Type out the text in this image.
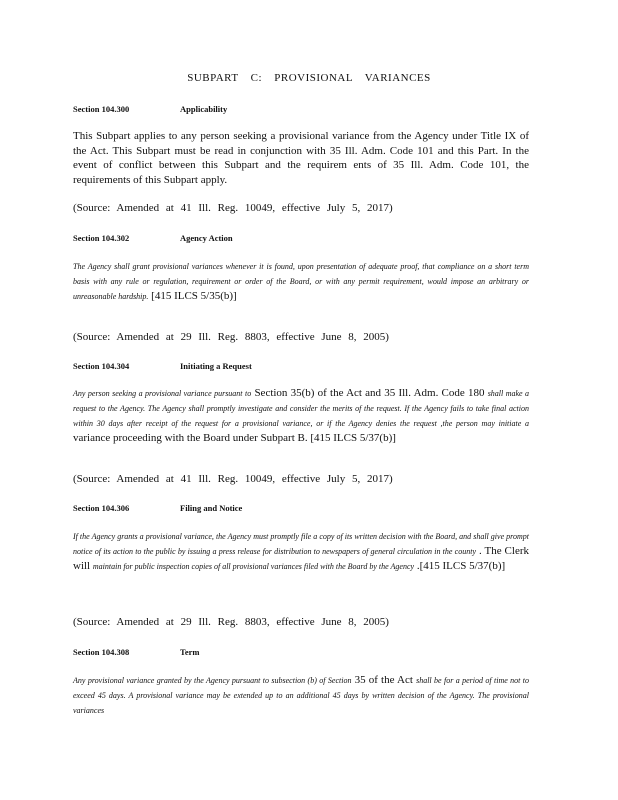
SUBPART C: PROVISIONAL VARIANCES
Section 104.300	Applicability
This Subpart applies to any person seeking a provisional variance from the Agency under Title IX of the Act. This Subpart must be read in conjunction with 35 Ill. Adm. Code 101 and this Part. In the event of conflict between this Subpart and the requirem ents of 35 Ill. Adm. Code 101, the requirements of this Subpart apply.
(Source: Amended at 41 Ill. Reg. 10049, effective July 5, 2017)
Section 104.302	Agency Action
The Agency shall grant provisional variances whenever it is found, upon presentation of adequate proof, that compliance on a short term basis with any rule or regulation, requirement or order of the Board, or with any permit requirement, would impose an arbitrary or unreasonable hardship. [415 ILCS 5/35(b)]
(Source: Amended at 29 Ill. Reg. 8803, effective June 8, 2005)
Section 104.304	Initiating a Request
Any person seeking a provisional variance pursuant to Section 35(b) of the Act and 35 Ill. Adm. Code 180 shall make a request to the Agency. The Agency shall promptly investigate and consider the merits of the request. If the Agency fails to take final action within 30 days after receipt of the request for a provisional variance, or if the Agency denies the request ,the person may initiate a variance proceeding with the Board under Subpart B. [415 ILCS 5/37(b)]
(Source: Amended at 41 Ill. Reg. 10049, effective July 5, 2017)
Section 104.306	Filing and Notice
If the Agency grants a provisional variance, the Agency must promptly file a copy of its written decision with the Board, and shall give prompt notice of its action to the public by issuing a press release for distribution to newspapers of general circulation in the county . The Clerk will maintain for public inspection copies of all provisional variances filed with the Board by the Agency .[415 ILCS 5/37(b)]
(Source: Amended at 29 Ill. Reg. 8803, effective June 8, 2005)
Section 104.308	Term
Any provisional variance granted by the Agency pursuant to subsection (b) of Section 35 of the Act shall be for a period of time not to exceed 45 days. A provisional variance may be extended up to an additional 45 days by written decision of the Agency. The provisional variances
